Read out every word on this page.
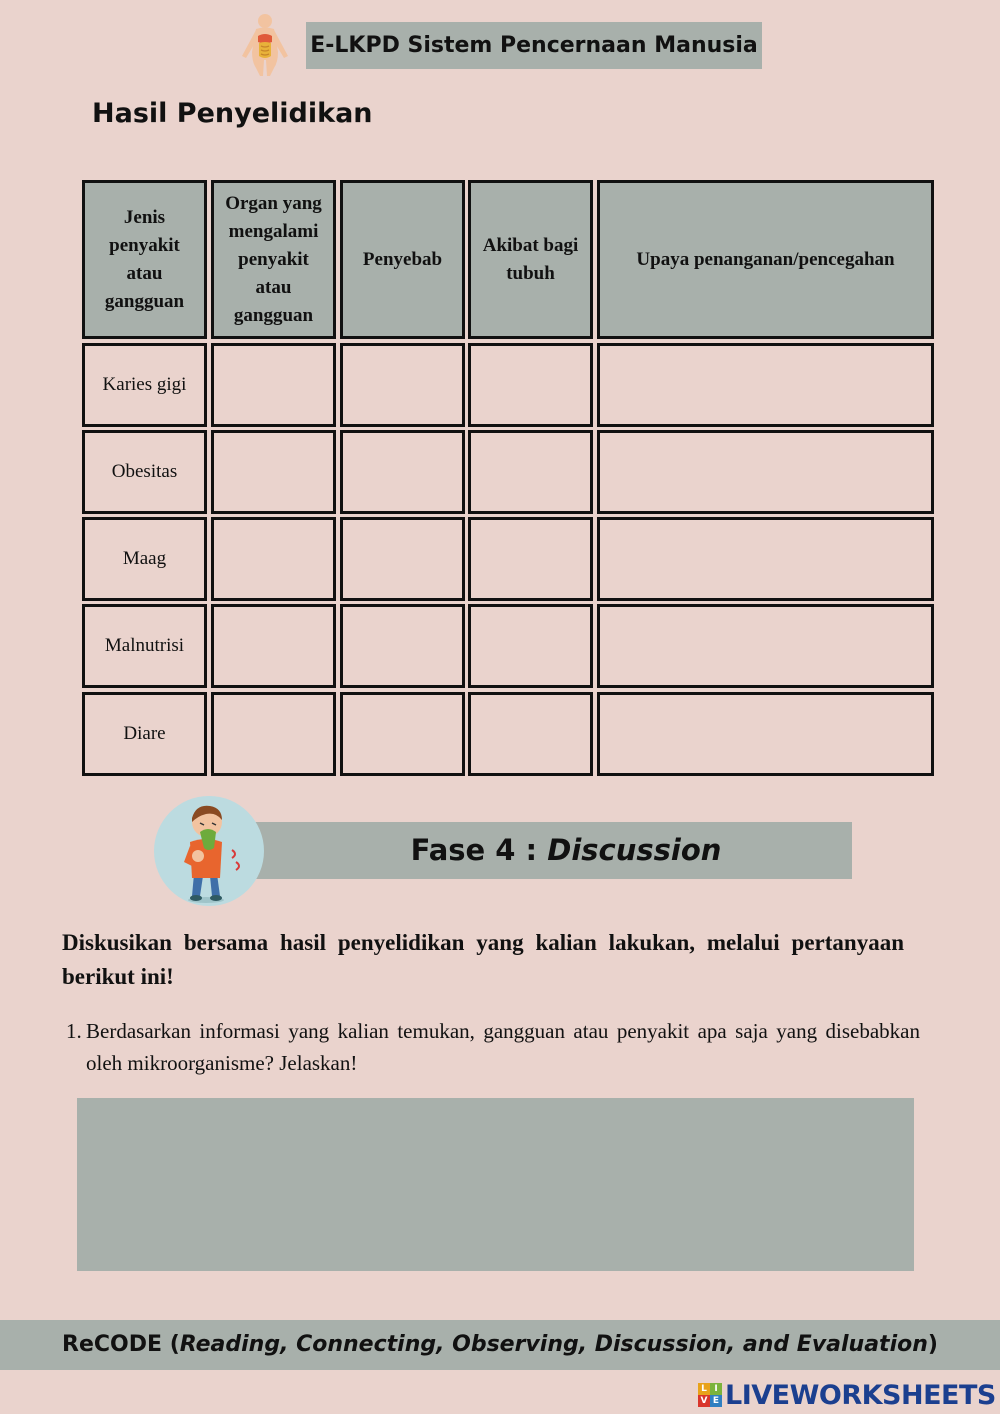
E-LKPD Sistem Pencernaan Manusia
Hasil Penyelidikan
Jenis penyakit atau gangguan
Organ yang mengalami penyakit atau gangguan
Penyebab
Akibat bagi tubuh
Upaya penanganan/pencegahan
Karies gigi
Obesitas
Maag
Malnutrisi
Diare
Fase 4 : Discussion
Diskusikan bersama hasil penyelidikan yang kalian lakukan, melalui pertanyaan berikut ini!
1. Berdasarkan informasi yang kalian temukan, gangguan atau penyakit apa saja yang disebabkan oleh mikroorganisme? Jelaskan!
ReCODE (Reading, Connecting, Observing, Discussion, and Evaluation)
L I
V E LIVEWORKSHEETS
